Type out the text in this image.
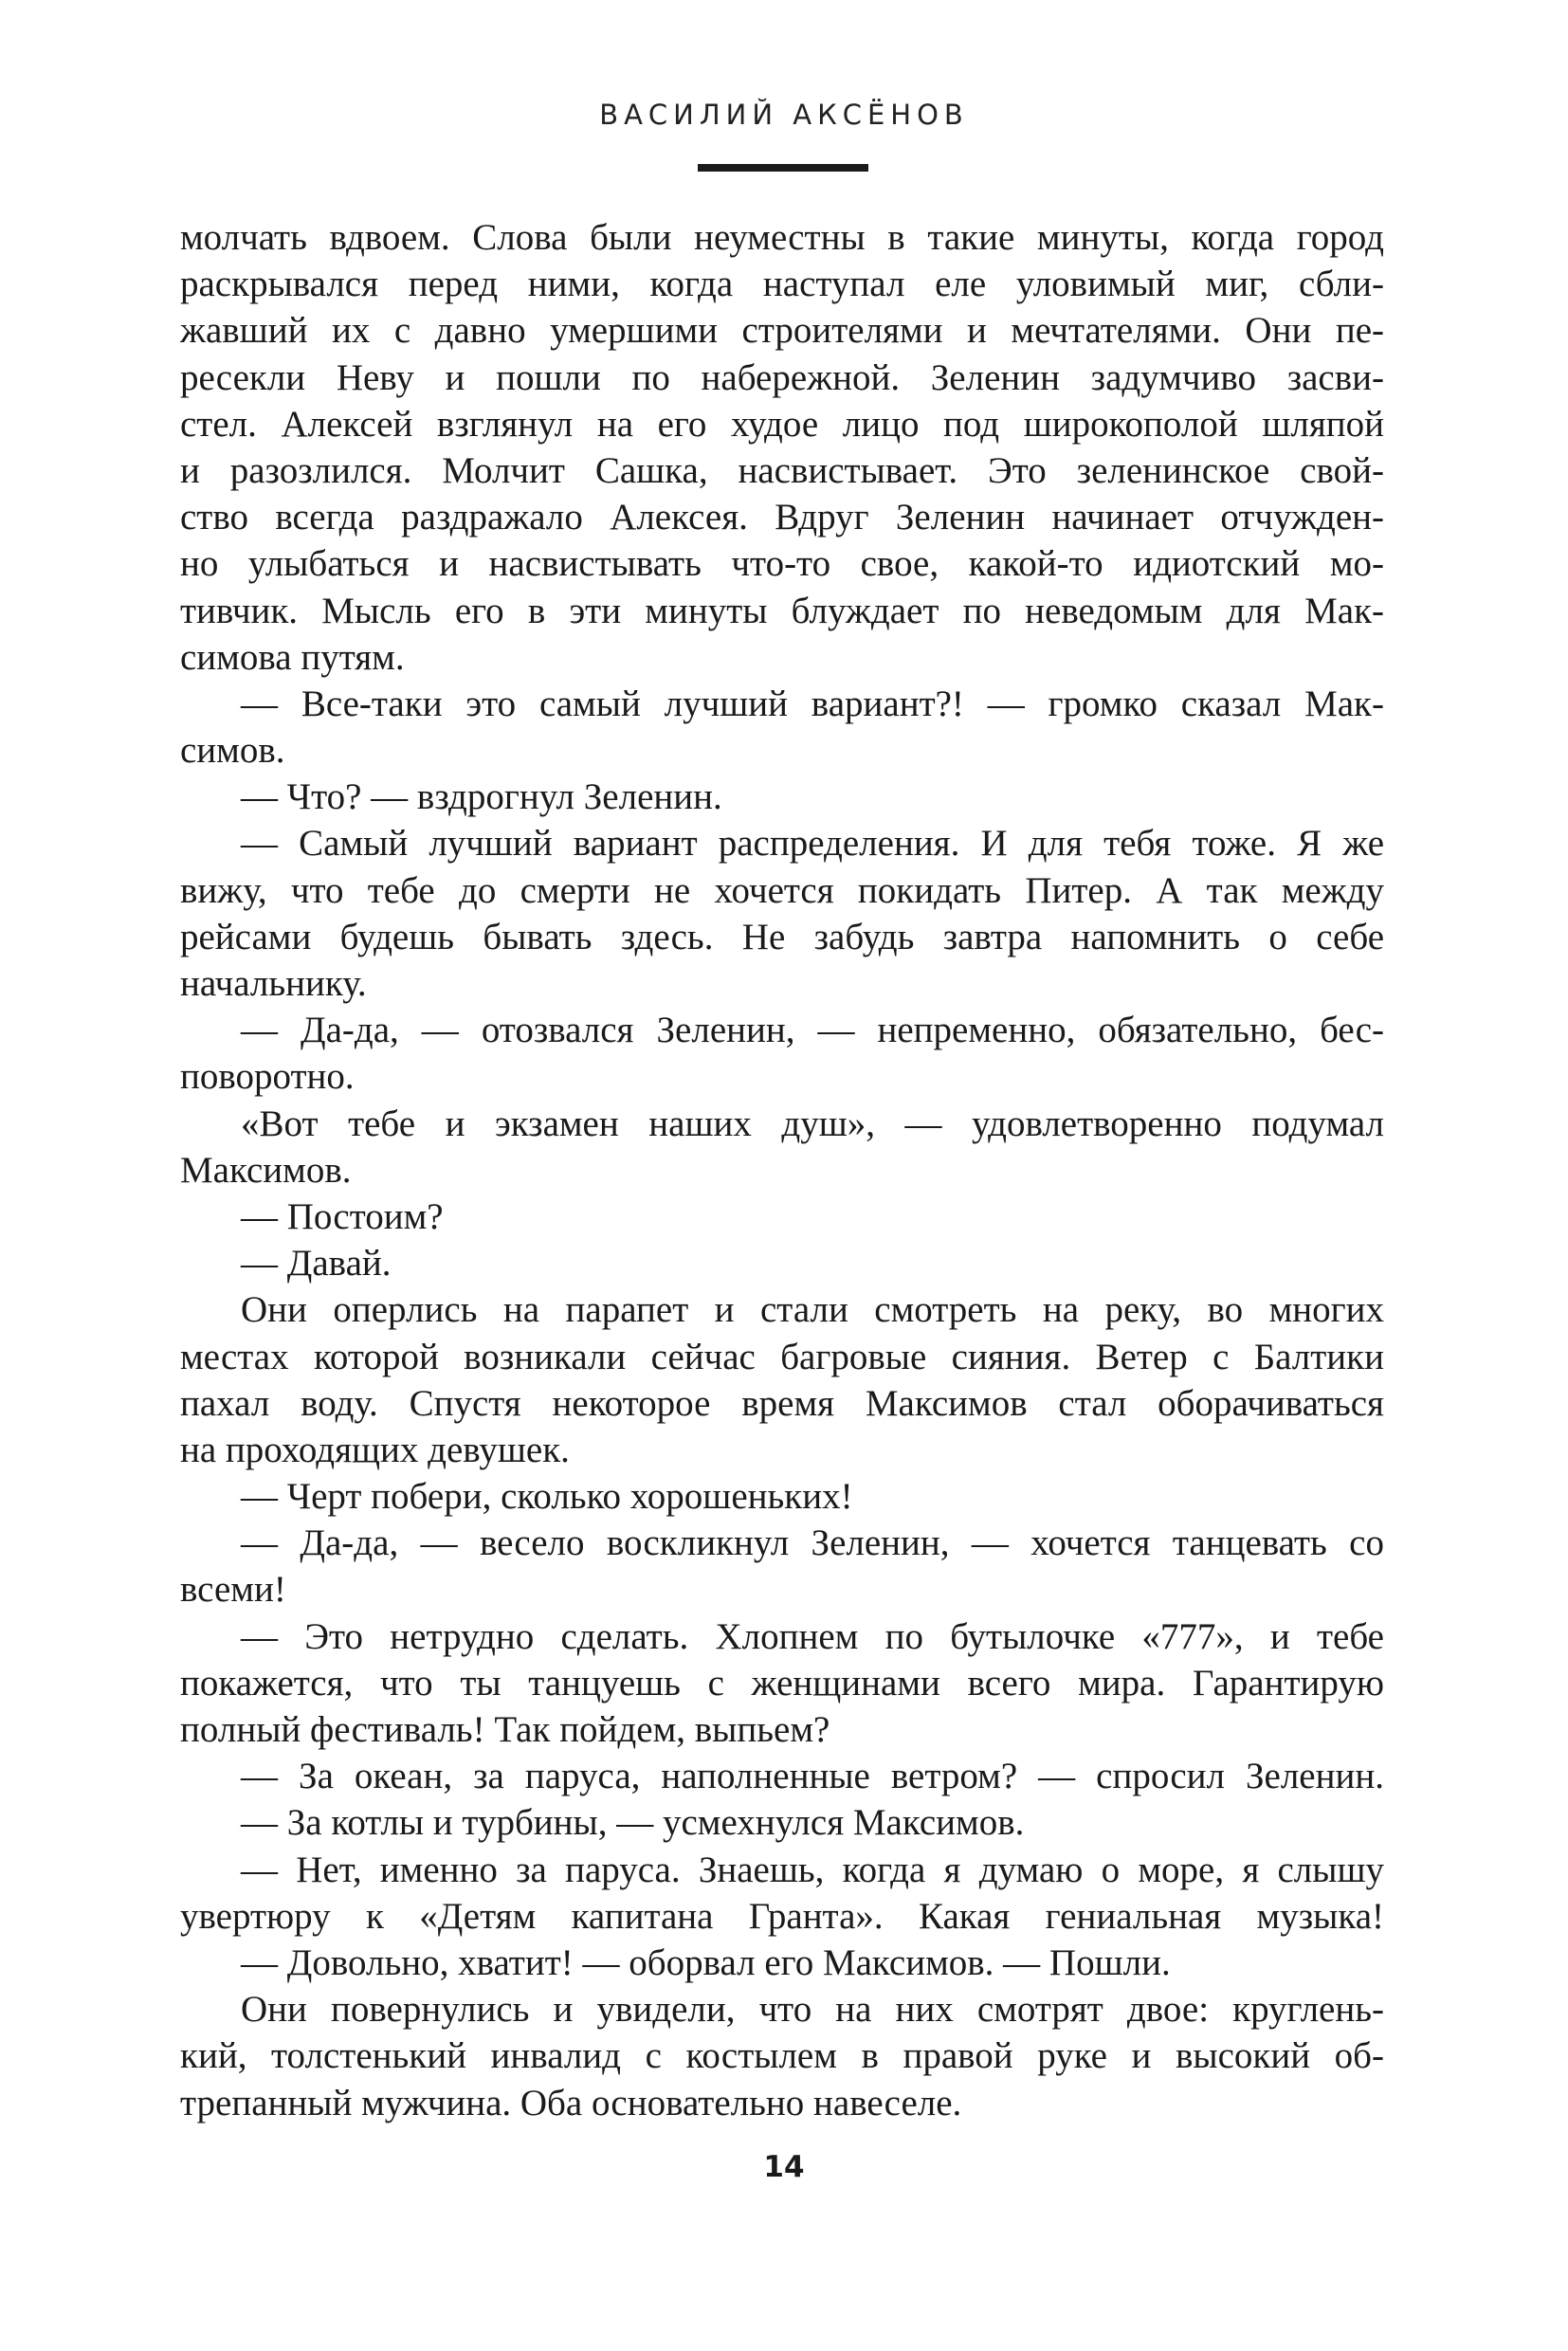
ВАСИЛИЙ АКСЁНОВ
молчать вдвоем. Слова были неуместны в такие минуты, когда город
раскрывался перед ними, когда наступал еле уловимый миг, сбли-
жавший их с давно умершими строителями и мечтателями. Они пе-
ресекли Неву и пошли по набережной. Зеленин задумчиво засви-
стел. Алексей взглянул на его худое лицо под широкополой шляпой
и разозлился. Молчит Сашка, насвистывает. Это зеленинское свой-
ство всегда раздражало Алексея. Вдруг Зеленин начинает отчужден-
но улыбаться и насвистывать что-то свое, какой-то идиотский мо-
тивчик. Мысль его в эти минуты блуждает по неведомым для Мак-
симова путям.
— Все-таки это самый лучший вариант?! — громко сказал Мак-
симов.
— Что? — вздрогнул Зеленин.
— Самый лучший вариант распределения. И для тебя тоже. Я же
вижу, что тебе до смерти не хочется покидать Питер. А так между
рейсами будешь бывать здесь. Не забудь завтра напомнить о себе
начальнику.
— Да-да, — отозвался Зеленин, — непременно, обязательно, бес-
поворотно.
«Вот тебе и экзамен наших душ», — удовлетворенно подумал
Максимов.
— Постоим?
— Давай.
Они оперлись на парапет и стали смотреть на реку, во многих
местах которой возникали сейчас багровые сияния. Ветер с Балтики
пахал воду. Спустя некоторое время Максимов стал оборачиваться
на проходящих девушек.
— Черт побери, сколько хорошеньких!
— Да-да, — весело воскликнул Зеленин, — хочется танцевать со
всеми!
— Это нетрудно сделать. Хлопнем по бутылочке «777», и тебе
покажется, что ты танцуешь с женщинами всего мира. Гарантирую
полный фестиваль! Так пойдем, выпьем?
— За океан, за паруса, наполненные ветром? — спросил Зеленин.
— За котлы и турбины, — усмехнулся Максимов.
— Нет, именно за паруса. Знаешь, когда я думаю о море, я слышу
увертюру к «Детям капитана Гранта». Какая гениальная музыка!
— Довольно, хватит! — оборвал его Максимов. — Пошли.
Они повернулись и увидели, что на них смотрят двое: круглень-
кий, толстенький инвалид с костылем в правой руке и высокий об-
трепанный мужчина. Оба основательно навеселе.
14
